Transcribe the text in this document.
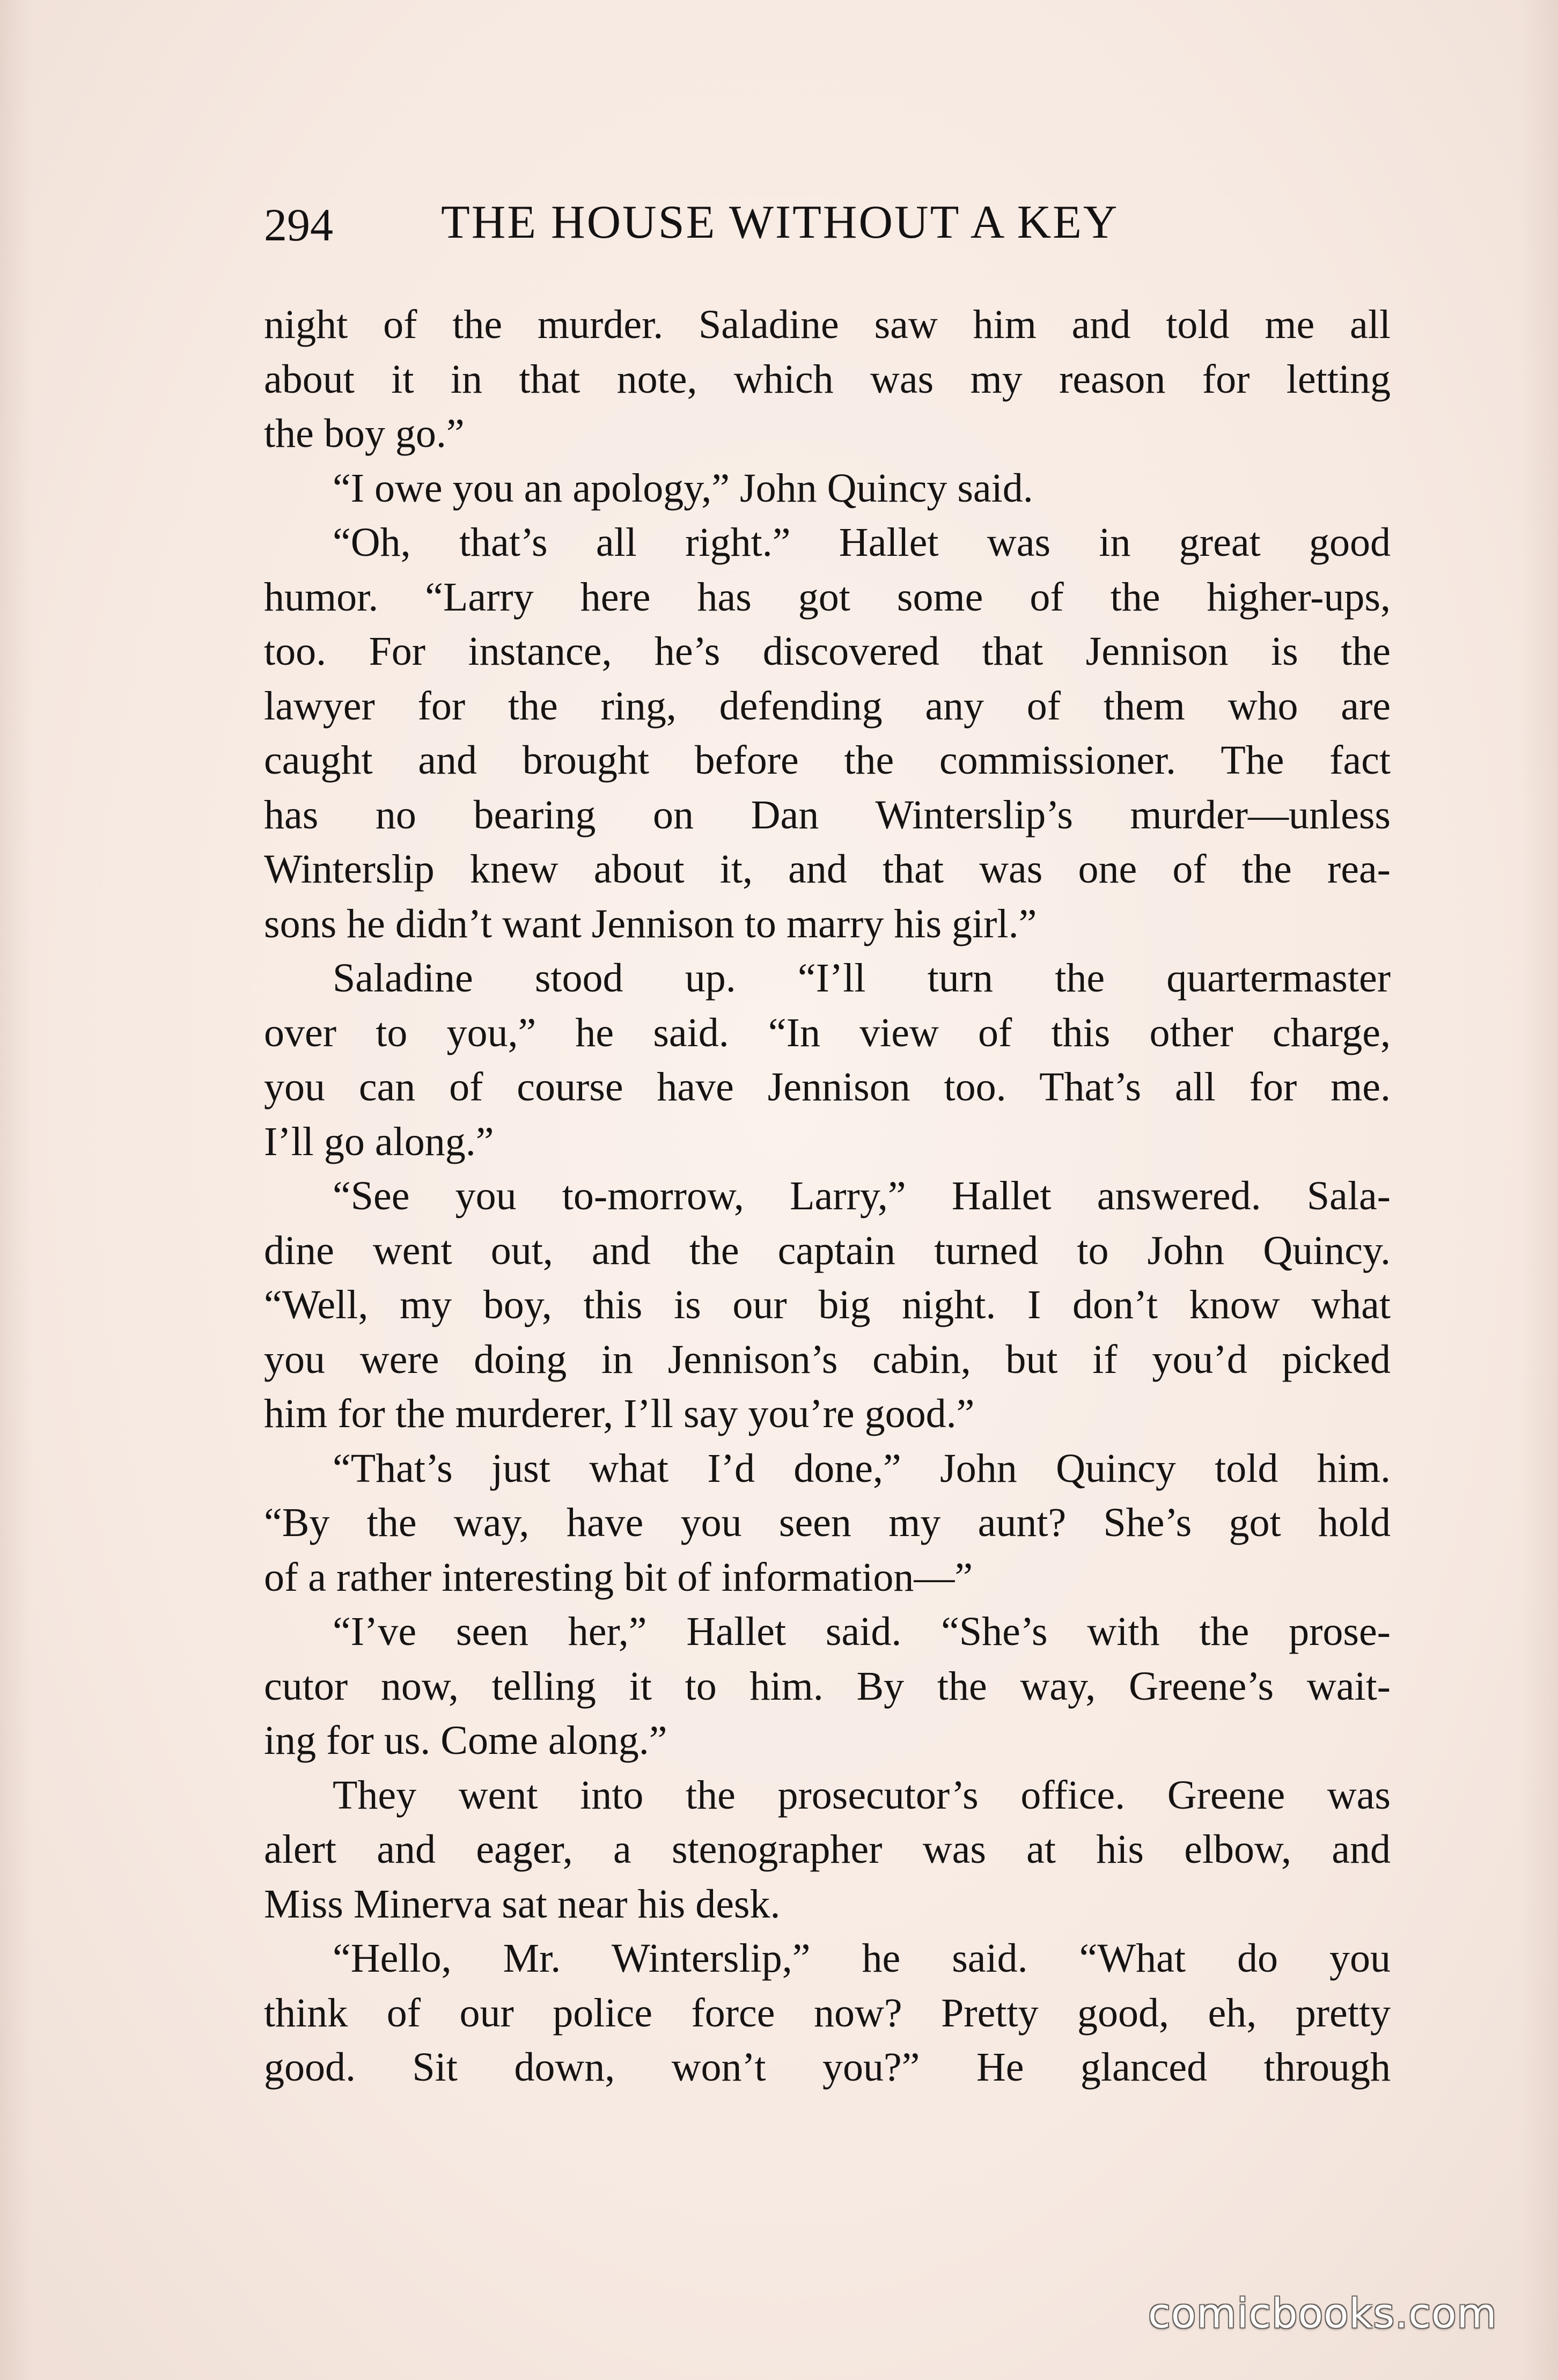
294 THE HOUSE WITHOUT A KEY
night of the murder. Saladine saw him and told me all
about it in that note, which was my reason for letting
the boy go.”
“I owe you an apology,” John Quincy said.
“Oh, that’s all right.” Hallet was in great good
humor. “Larry here has got some of the higher-ups,
too. For instance, he’s discovered that Jennison is the
lawyer for the ring, defending any of them who are
caught and brought before the commissioner. The fact
has no bearing on Dan Winterslip’s murder—unless
Winterslip knew about it, and that was one of the rea-
sons he didn’t want Jennison to marry his girl.”
Saladine stood up. “I’ll turn the quartermaster
over to you,” he said. “In view of this other charge,
you can of course have Jennison too. That’s all for me.
I’ll go along.”
“See you to-morrow, Larry,” Hallet answered. Sala-
dine went out, and the captain turned to John Quincy.
“Well, my boy, this is our big night. I don’t know what
you were doing in Jennison’s cabin, but if you’d picked
him for the murderer, I’ll say you’re good.”
“That’s just what I’d done,” John Quincy told him.
“By the way, have you seen my aunt? She’s got hold
of a rather interesting bit of information—”
“I’ve seen her,” Hallet said. “She’s with the prose-
cutor now, telling it to him. By the way, Greene’s wait-
ing for us. Come along.”
They went into the prosecutor’s office. Greene was
alert and eager, a stenographer was at his elbow, and
Miss Minerva sat near his desk.
“Hello, Mr. Winterslip,” he said. “What do you
think of our police force now? Pretty good, eh, pretty
good. Sit down, won’t you?” He glanced through
comicbooks.com
